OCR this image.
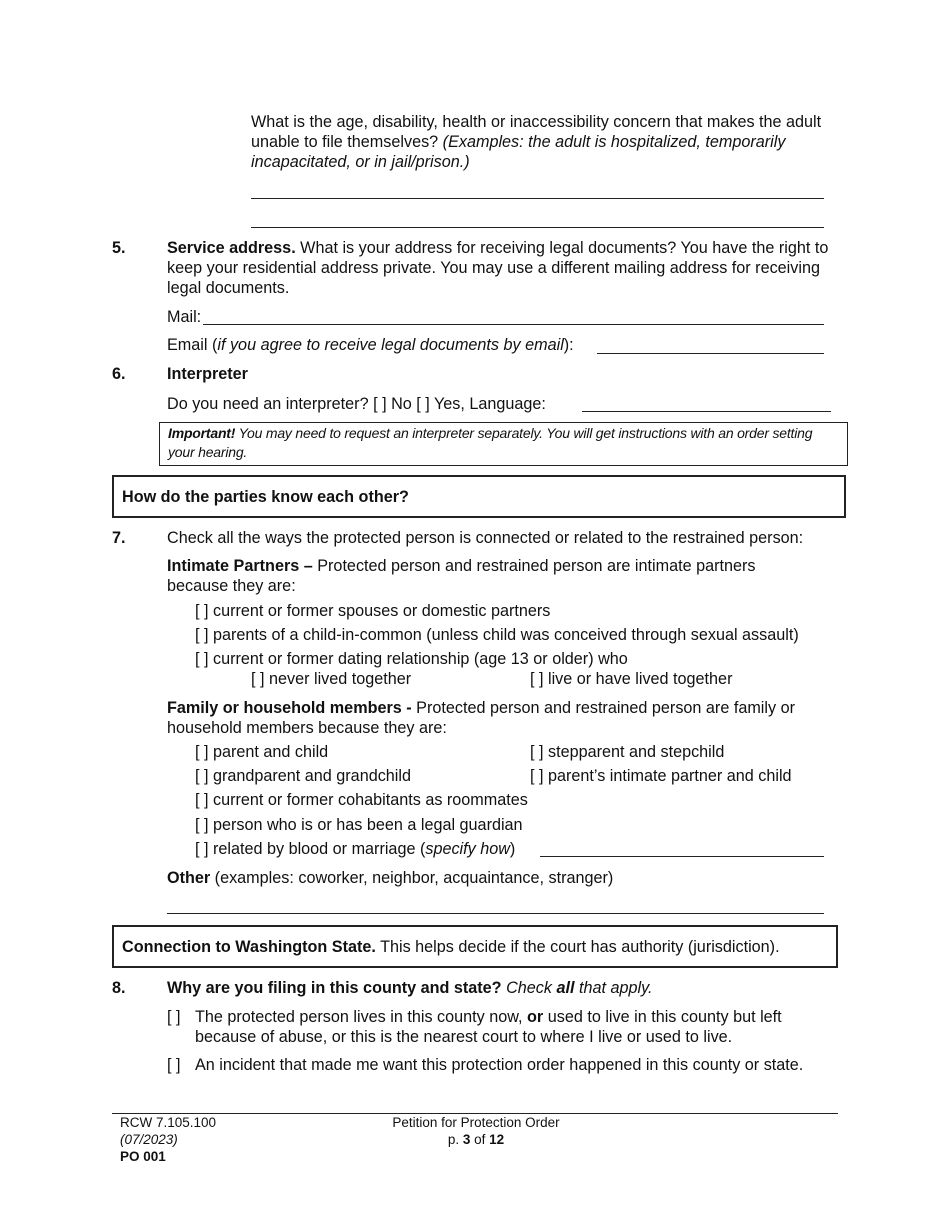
What is the age, disability, health or inaccessibility concern that makes the adult unable to file themselves? (Examples: the adult is hospitalized, temporarily incapacitated, or in jail/prison.)
5.	Service address. What is your address for receiving legal documents? You have the right to keep your residential address private. You may use a different mailing address for receiving legal documents.
Mail:
Email (if you agree to receive legal documents by email):
6.	Interpreter
Do you need an interpreter? [ ] No [ ] Yes, Language:
Important! You may need to request an interpreter separately. You will get instructions with an order setting your hearing.
How do the parties know each other?
7.	Check all the ways the protected person is connected or related to the restrained person:
Intimate Partners – Protected person and restrained person are intimate partners because they are:
[ ] current or former spouses or domestic partners
[ ] parents of a child-in-common (unless child was conceived through sexual assault)
[ ] current or former dating relationship (age 13 or older) who
[ ] never lived together	[ ] live or have lived together
Family or household members - Protected person and restrained person are family or household members because they are:
[ ] parent and child	[ ] stepparent and stepchild
[ ] grandparent and grandchild	[ ] parent’s intimate partner and child
[ ] current or former cohabitants as roommates
[ ] person who is or has been a legal guardian
[ ] related by blood or marriage (specify how)
Other (examples: coworker, neighbor, acquaintance, stranger)
Connection to Washington State. This helps decide if the court has authority (jurisdiction).
8.	Why are you filing in this county and state? Check all that apply.
[ ] The protected person lives in this county now, or used to live in this county but left because of abuse, or this is the nearest court to where I live or used to live.
[ ] An incident that made me want this protection order happened in this county or state.
RCW 7.105.100
(07/2023)
PO 001
Petition for Protection Order
p. 3 of 12
